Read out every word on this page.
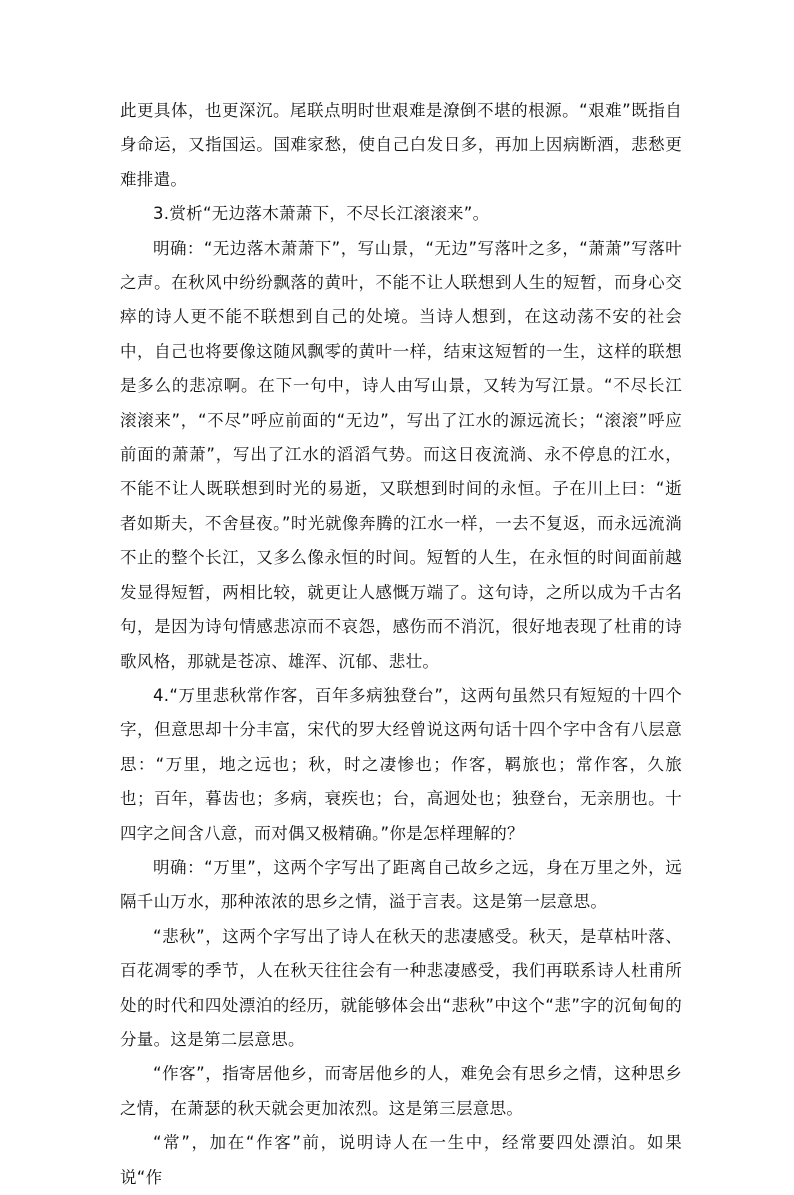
此更具体，也更深沉。尾联点明时世艰难是潦倒不堪的根源。“艰难”既指自身命运，又指国运。国难家愁，使自己白发日多，再加上因病断酒，悲愁更难排遣。

3.赏析“无边落木萧萧下，不尽长江滚滚来”。

明确：“无边落木萧萧下”，写山景，“无边”写落叶之多，“萧萧”写落叶之声。在秋风中纷纷飘落的黄叶，不能不让人联想到人生的短暂，而身心交瘁的诗人更不能不联想到自己的处境。当诗人想到，在这动荡不安的社会中，自己也将要像这随风飘零的黄叶一样，结束这短暂的一生，这样的联想是多么的悲凉啊。在下一句中，诗人由写山景，又转为写江景。“不尽长江滚滚来”，“不尽”呼应前面的“无边”，写出了江水的源远流长；“滚滚”呼应前面的萧萧”，写出了江水的滔滔气势。而这日夜流淌、永不停息的江水，不能不让人既联想到时光的易逝，又联想到时间的永恒。子在川上曰：“逝者如斯夫，不舍昼夜。”时光就像奔腾的江水一样，一去不复返，而永远流淌不止的整个长江，又多么像永恒的时间。短暂的人生，在永恒的时间面前越发显得短暂，两相比较，就更让人感慨万端了。这句诗，之所以成为千古名句，是因为诗句情感悲凉而不哀怨，感伤而不消沉，很好地表现了杜甫的诗歌风格，那就是苍凉、雄浑、沉郁、悲壮。

4.“万里悲秋常作客，百年多病独登台”，这两句虽然只有短短的十四个字，但意思却十分丰富，宋代的罗大经曾说这两句话十四个字中含有八层意思：“万里，地之远也；秋，时之凄惨也；作客，羁旅也；常作客，久旅也；百年，暮齿也；多病，衰疾也；台，高迥处也；独登台，无亲朋也。十四字之间含八意，而对偶又极精确。”你是怎样理解的？

明确：“万里”，这两个字写出了距离自己故乡之远，身在万里之外，远隔千山万水，那种浓浓的思乡之情，溢于言表。这是第一层意思。

“悲秋”，这两个字写出了诗人在秋天的悲凄感受。秋天，是草枯叶落、百花凋零的季节，人在秋天往往会有一种悲凄感受，我们再联系诗人杜甫所处的时代和四处漂泊的经历，就能够体会出“悲秋”中这个“悲”字的沉甸甸的分量。这是第二层意思。

“作客”，指寄居他乡，而寄居他乡的人，难免会有思乡之情，这种思乡之情，在萧瑟的秋天就会更加浓烈。这是第三层意思。

“常”，加在“作客”前，说明诗人在一生中，经常要四处漂泊。如果说“作
